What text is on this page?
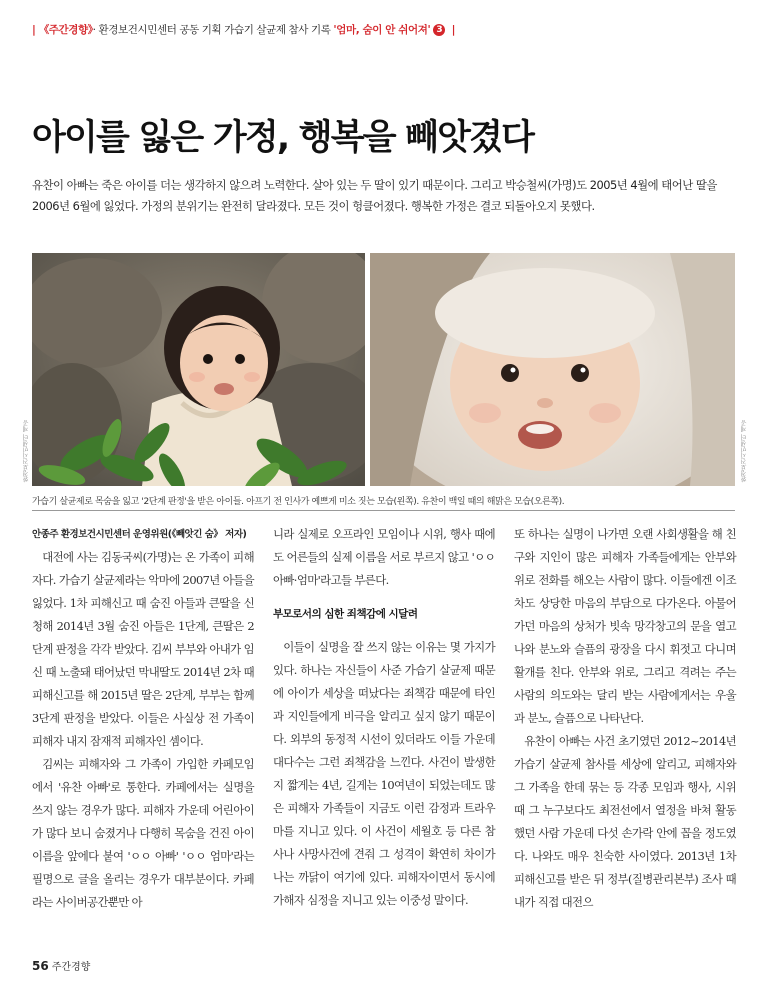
| 《주간경향》· 환경보건시민센터 공동 기획 가습기 살균제 참사 기록 '엄마, 숨이 안 쉬어져' 3 |
아이를 잃은 가정, 행복을 빼앗겼다
유찬이 아빠는 죽은 아이를 더는 생각하지 않으려 노력한다. 살아 있는 두 딸이 있기 때문이다. 그리고 박승철씨(가명)도 2005년 4월에 태어난 딸을 2006년 6월에 잃었다. 가정의 분위기는 완전히 달라졌다. 모든 것이 헝클어졌다. 행복한 가정은 결코 되돌아오지 못했다.
환경보건시민센터 제공	환경보건시민센터 제공
가습기 살균제로 목숨을 잃고 '2단계 판정'을 받은 아이들. 아프기 전 인사가 예쁘게 미소 짓는 모습(왼쪽). 유찬이 백일 때의 해맑은 모습(오른쪽).
안종주 환경보건시민센터 운영위원(《빼앗긴 숨》 저자)

대전에 사는 김동국씨(가명)는 온 가족이 피해자다. 가습기 살균제라는 악마에 2007년 아들을 잃었다. 1차 피해신고 때 숨진 아들과 큰딸을 신청해 2014년 3월 숨진 아들은 1단계, 큰딸은 2단계 판정을 각각 받았다. 김씨 부부와 아내가 임신 때 노출돼 태어났던 막내딸도 2014년 2차 때 피해신고를 해 2015년 딸은 2단계, 부부는 함께 3단계 판정을 받았다. 이들은 사실상 전 가족이 피해자 내지 잠재적 피해자인 셈이다.

김씨는 피해자와 그 가족이 가입한 카페모임에서 '유찬 아빠'로 통한다. 카페에서는 실명을 쓰지 않는 경우가 많다. 피해자 가운데 어린아이가 많다 보니 숨졌거나 다행히 목숨을 건진 아이 이름을 앞에다 붙여 'ㅇㅇ 아빠' 'ㅇㅇ 엄마'라는 필명으로 글을 올리는 경우가 대부분이다. 카페라는 사이버공간뿐만 아

니라 실제로 오프라인 모임이나 시위, 행사 때에도 어른들의 실제 이름을 서로 부르지 않고 'ㅇㅇ 아빠·엄마'라고들 부른다.

부모로서의 심한 죄책감에 시달려

이들이 실명을 잘 쓰지 않는 이유는 몇 가지가 있다. 하나는 자신들이 사준 가습기 살균제 때문에 아이가 세상을 떠났다는 죄책감 때문에 타인과 지인들에게 비극을 알리고 싶지 않기 때문이다. 외부의 동정적 시선이 있더라도 이들 가운데 대다수는 그런 죄책감을 느낀다. 사건이 발생한 지 짧게는 4년, 길게는 10여년이 되었는데도 많은 피해자 가족들이 지금도 이런 감정과 트라우마를 지니고 있다. 이 사건이 세월호 등 다른 참사나 사망사건에 견줘 그 성격이 확연히 차이가 나는 까닭이 여기에 있다. 피해자이면서 동시에 가해자 심정을 지니고 있는 이중성 말이다.

또 하나는 실명이 나가면 오랜 사회생활을 해 친구와 지인이 많은 피해자 가족들에게는 안부와 위로 전화를 해오는 사람이 많다. 이들에겐 이조차도 상당한 마음의 부담으로 다가온다. 아물어 가던 마음의 상처가 빗속 망각창고의 문을 열고 나와 분노와 슬픔의 광장을 다시 휘젓고 다니며 활개를 친다. 안부와 위로, 그리고 격려는 주는 사람의 의도와는 달리 받는 사람에게서는 우울과 분노, 슬픔으로 나타난다.

유찬이 아빠는 사건 초기였던 2012~2014년 가습기 살균제 참사를 세상에 알리고, 피해자와 그 가족을 한데 묶는 등 각종 모임과 행사, 시위 때 그 누구보다도 최전선에서 열정을 바쳐 활동했던 사람 가운데 다섯 손가락 안에 꼽을 정도였다. 나와도 매우 친숙한 사이였다. 2013년 1차 피해신고를 받은 뒤 정부(질병관리본부) 조사 때 내가 직접 대전으

56 주간경향
